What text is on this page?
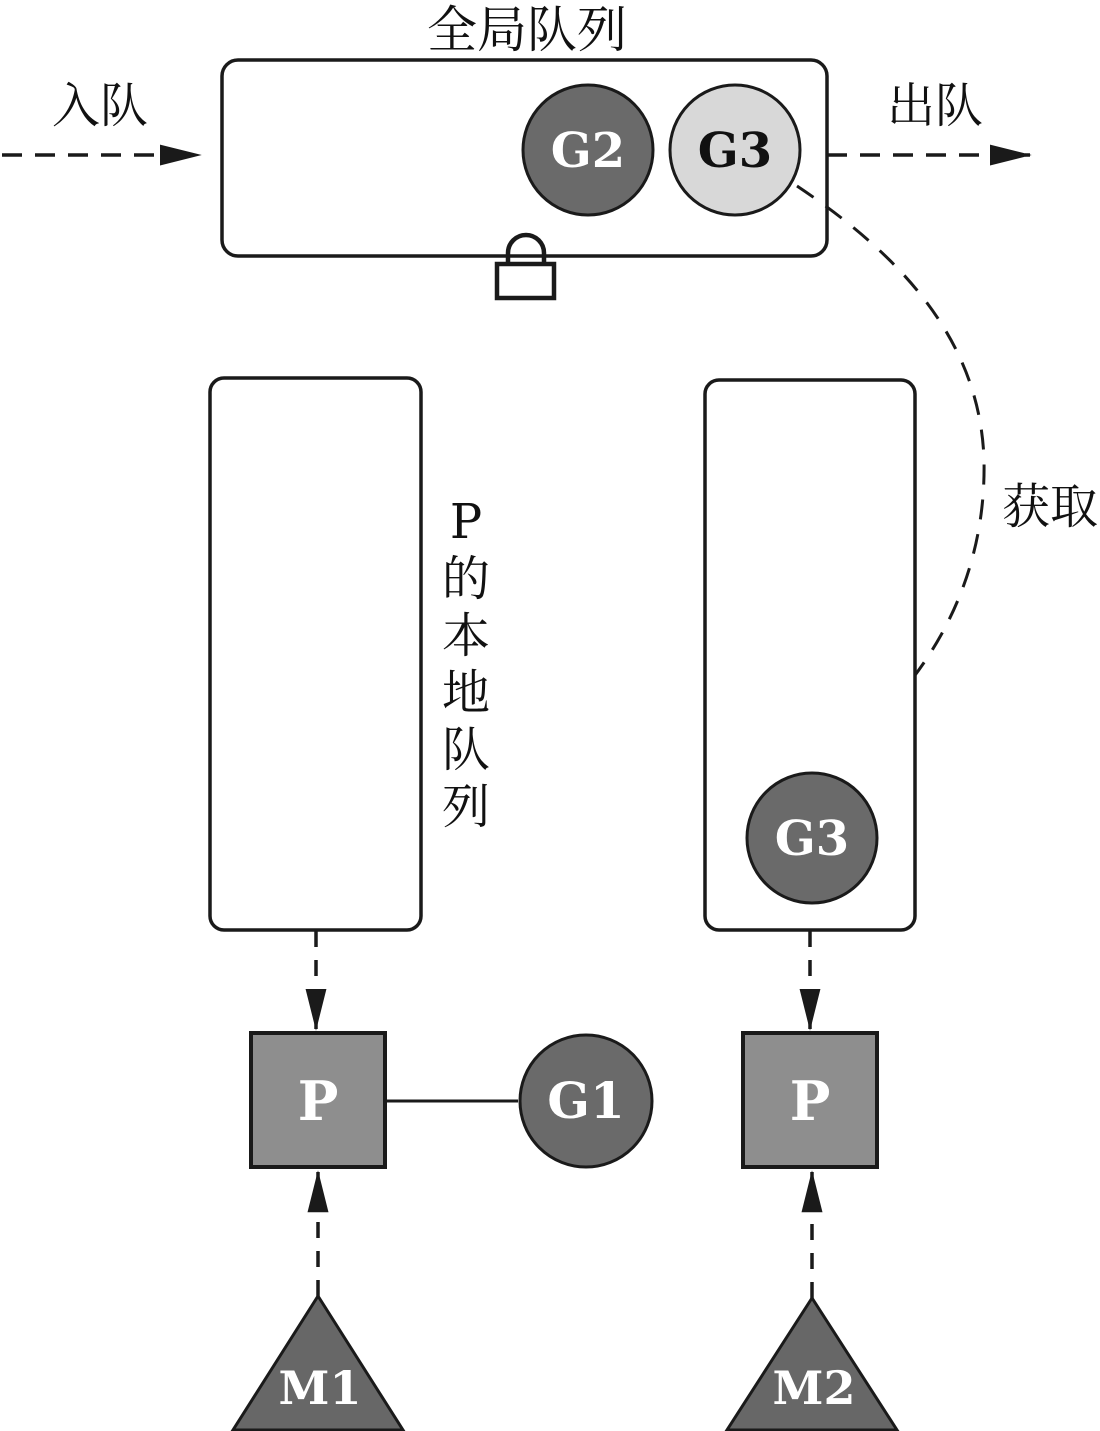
全局队列
入队
G2 G3
出队
获取
P
的
本
地
队
列
G3
P	G1	P
M1	M2
